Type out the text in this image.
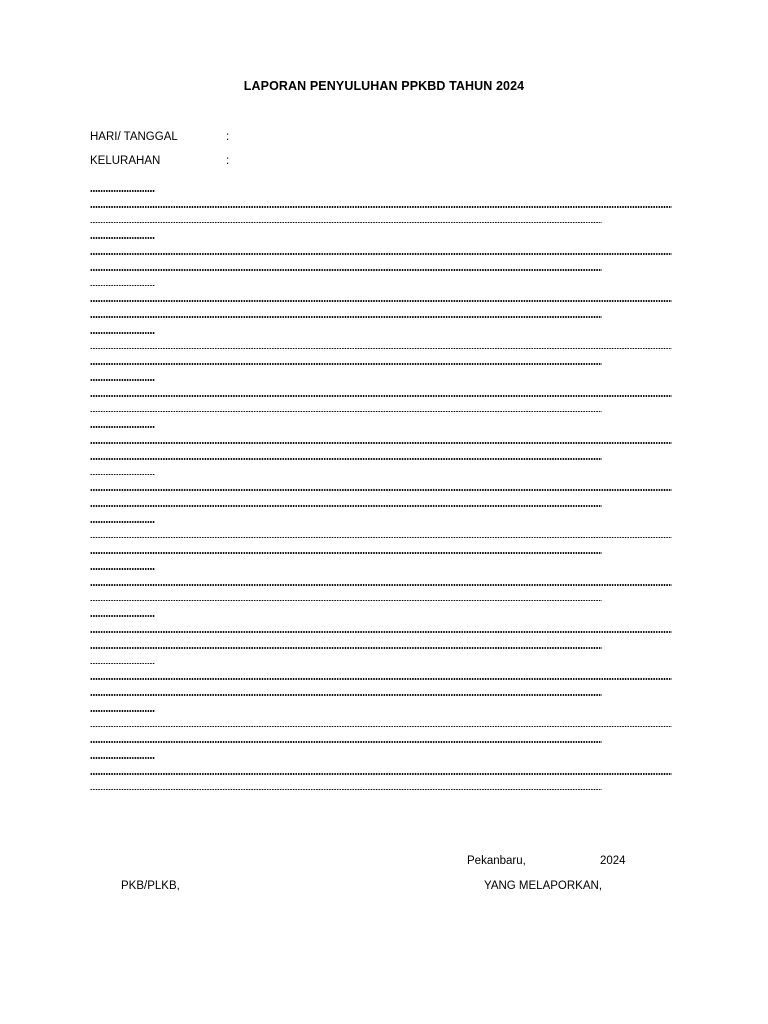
LAPORAN PENYULUHAN PPKBD TAHUN 2024
HARI/ TANGGAL	:
KELURAHAN	:
Pekanbaru,	2024
PKB/PLKB,	YANG MELAPORKAN,
